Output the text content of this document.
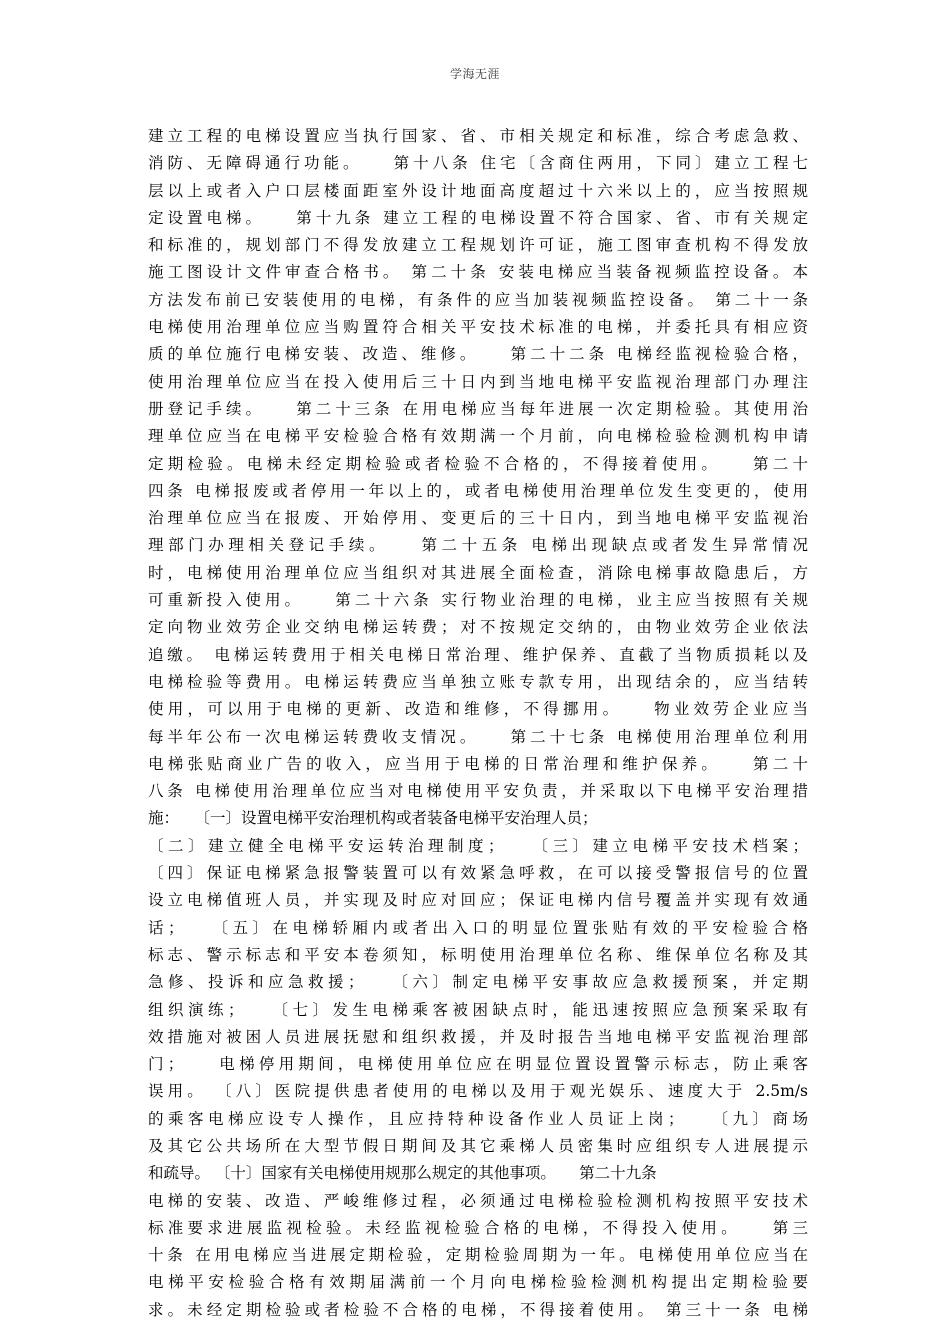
学海无涯
建立工程的电梯设置应当执行国家、省、市相关规定和标准，综合考虑急救、
消防、无障碍通行功能。　　第十八条 住宅〔含商住两用，下同〕建立工程七
层以上或者入户口层楼面距室外设计地面高度超过十六米以上的，应当按照规
定设置电梯。　　第十九条 建立工程的电梯设置不符合国家、省、市有关规定
和标准的，规划部门不得发放建立工程规划许可证，施工图审查机构不得发放
施工图设计文件审查合格书。 第二十条 安装电梯应当装备视频监控设备。本
方法发布前已安装使用的电梯，有条件的应当加装视频监控设备。 第二十一条
电梯使用治理单位应当购置符合相关平安技术标准的电梯，并委托具有相应资
质的单位施行电梯安装、改造、维修。　　第二十二条 电梯经监视检验合格，
使用治理单位应当在投入使用后三十日内到当地电梯平安监视治理部门办理注
册登记手续。　　第二十三条 在用电梯应当每年进展一次定期检验。其使用治
理单位应当在电梯平安检验合格有效期满一个月前，向电梯检验检测机构申请
定期检验。电梯未经定期检验或者检验不合格的，不得接着使用。　　第二十
四条 电梯报废或者停用一年以上的，或者电梯使用治理单位发生变更的，使用
治理单位应当在报废、开始停用、变更后的三十日内，到当地电梯平安监视治
理部门办理相关登记手续。　　第二十五条 电梯出现缺点或者发生异常情况
时，电梯使用治理单位应当组织对其进展全面检查，消除电梯事故隐患后，方
可重新投入使用。　　第二十六条 实行物业治理的电梯，业主应当按照有关规
定向物业效劳企业交纳电梯运转费；对不按规定交纳的，由物业效劳企业依法
追缴。 电梯运转费用于相关电梯日常治理、维护保养、直截了当物质损耗以及
电梯检验等费用。电梯运转费应当单独立账专款专用，出现结余的，应当结转
使用，可以用于电梯的更新、改造和维修，不得挪用。　　物业效劳企业应当
每半年公布一次电梯运转费收支情况。　　第二十七条 电梯使用治理单位利用
电梯张贴商业广告的收入，应当用于电梯的日常治理和维护保养。　　第二十
八条 电梯使用治理单位应当对电梯使用平安负责，并采取以下电梯平安治理措
施：　　〔一〕设置电梯平安治理机构或者装备电梯平安治理人员；
〔二〕建立健全电梯平安运转治理制度；　　〔三〕建立电梯平安技术档案；
〔四〕保证电梯紧急报警装置可以有效紧急呼救，在可以接受警报信号的位置
设立电梯值班人员，并实现及时应对回应；保证电梯内信号覆盖并实现有效通
话；　　〔五〕在电梯轿厢内或者出入口的明显位置张贴有效的平安检验合格
标志、警示标志和平安本卷须知，标明使用治理单位名称、维保单位名称及其
急修、投诉和应急救援；　　〔六〕制定电梯平安事故应急救援预案，并定期
组织演练；　　〔七〕发生电梯乘客被困缺点时，能迅速按照应急预案采取有
效措施对被困人员进展抚慰和组织救援，并及时报告当地电梯平安监视治理部
门；　　电梯停用期间，电梯使用单位应在明显位置设置警示标志，防止乘客
误用。 〔八〕医院提供患者使用的电梯以及用于观光娱乐、速度大于 2.5m/s
的乘客电梯应设专人操作，且应持特种设备作业人员证上岗；　　〔九〕商场
及其它公共场所在大型节假日期间及其它乘梯人员密集时应组织专人进展提示
和疏导。 〔十〕国家有关电梯使用规那么规定的其他事项。　　第二十九条
电梯的安装、改造、严峻维修过程，必须通过电梯检验检测机构按照平安技术
标准要求进展监视检验。未经监视检验合格的电梯，不得投入使用。　　第三
十条 在用电梯应当进展定期检验，定期检验周期为一年。电梯使用单位应当在
电梯平安检验合格有效期届满前一个月向电梯检验检测机构提出定期检验要
求。未经定期检验或者检验不合格的电梯，不得接着使用。 第三十一条 电梯
